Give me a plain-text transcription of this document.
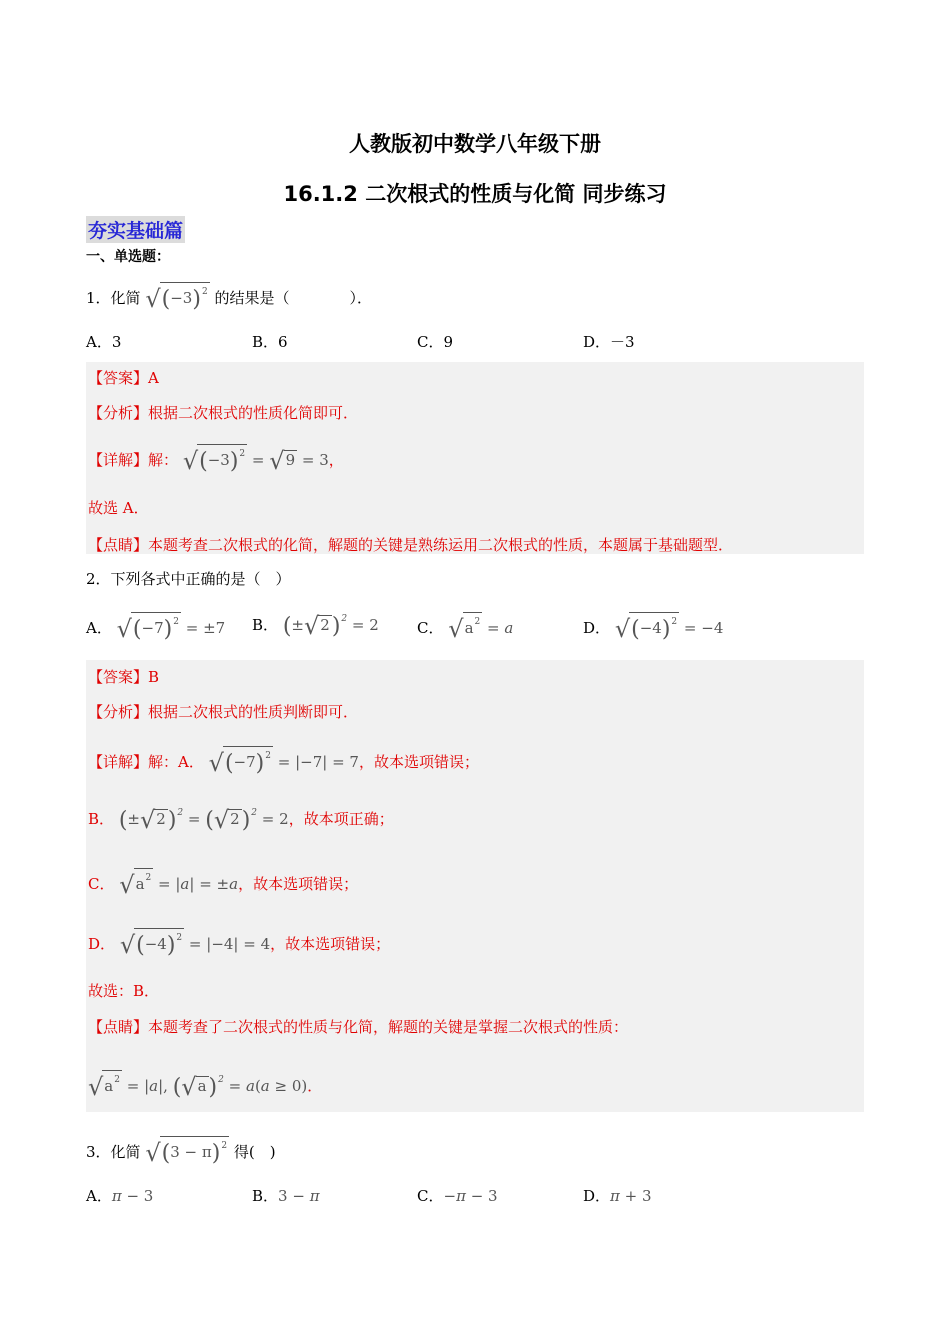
人教版初中数学八年级下册
16.1.2 二次根式的性质与化简 同步练习
夯实基础篇
一、单选题：
1．化简 $√(-3)^2$ 的结果是（　　　　）．
A．3	B．6	C．9	D．－3
【答案】A
【分析】根据二次根式的性质化简即可．
【详解】解： $√(-3)^2 = √9 = 3$，
故选 A．
【点睛】本题考查二次根式的化简，解题的关键是熟练运用二次根式的性质，本题属于基础题型．
2．下列各式中正确的是（　）
A． $√(-7)^2 = \pm 7$ B． $(\pm√2)^2 = 2$	C． $√a^2 = a$	D． $√(-4)^2 = -4$
【答案】B
【分析】根据二次根式的性质判断即可．
【详解】解：A． $√(-7)^2 = |-7| = 7$，故本选项错误；
B． $(\pm√2)^2 = (√2)^2 = 2$，故本项正确；
C． $√a^2 = |a| = \pm a$，故本选项错误；
D． $√(-4)^2 = |-4| = 4$，故本选项错误；
故选：B．
【点睛】本题考查了二次根式的性质与化简，解题的关键是掌握二次根式的性质：
$√a^2 = |a|$, $(√a)^2 = a(a \ge 0)$．
3．化简 $√(3 - \pi)^2$ 得(　)
A．π − 3	B．3 − π	C．−π − 3	D．π + 3
